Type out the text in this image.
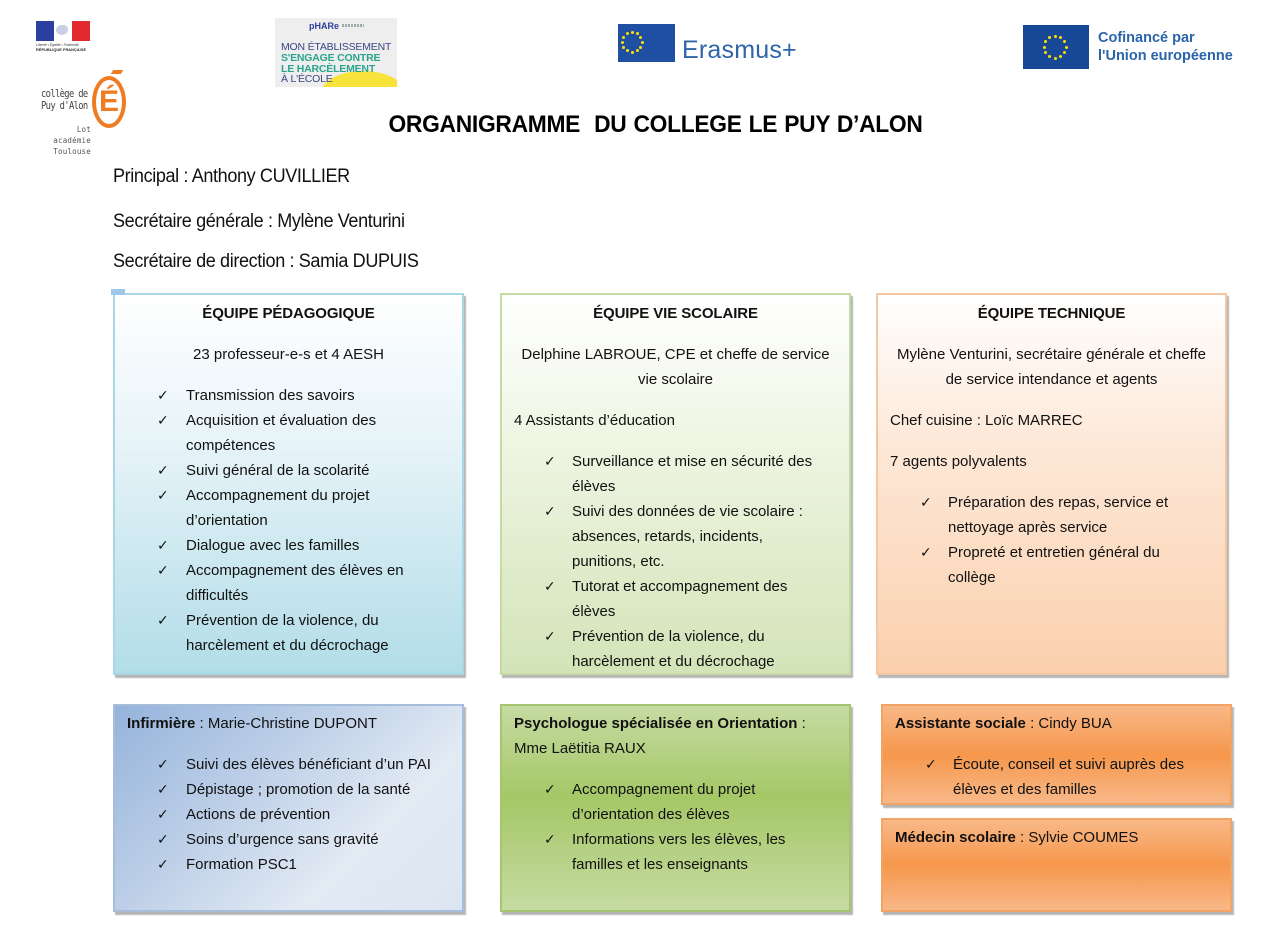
Liberté • Égalité • Fraternité
RÉPUBLIQUE FRANÇAISE
collège de
Puy d'Alon É
Lot
académie
Toulouse
pHARe
MON ÉTABLISSEMENT
S'ENGAGE CONTRE
LE HARCÈLEMENT
À L'ÉCOLE
Erasmus+	Cofinancé par
l'Union européenne
ORGANIGRAMME  DU COLLEGE LE PUY D’ALON
Principal : Anthony CUVILLIER
Secrétaire générale : Mylène Venturini
Secrétaire de direction : Samia DUPUIS
ÉQUIPE PÉDAGOGIQUE

23 professeur-e-s et 4 AESH

✓ Transmission des savoirs
✓ Acquisition et évaluation des compétences
✓ Suivi général de la scolarité
✓ Accompagnement du projet d’orientation
✓ Dialogue avec les familles
✓ Accompagnement des élèves en difficultés
✓ Prévention de la violence, du harcèlement et du décrochage
ÉQUIPE VIE SCOLAIRE

Delphine LABROUE, CPE et cheffe de service vie scolaire

4 Assistants d’éducation

✓ Surveillance et mise en sécurité des élèves
✓ Suivi des données de vie scolaire : absences, retards, incidents, punitions, etc.
✓ Tutorat et accompagnement des élèves
✓ Prévention de la violence, du harcèlement et du décrochage
ÉQUIPE TECHNIQUE

Mylène Venturini, secrétaire générale et cheffe de service intendance et agents

Chef cuisine : Loïc MARREC

7 agents polyvalents

✓ Préparation des repas, service et nettoyage après service
✓ Propreté et entretien général du collège
Infirmière : Marie-Christine DUPONT
✓ Suivi des élèves bénéficiant d’un PAI
✓ Dépistage ; promotion de la santé
✓ Actions de prévention
✓ Soins d’urgence sans gravité
✓ Formation PSC1
Psychologue spécialisée en Orientation :
Mme Laëtitia RAUX
✓ Accompagnement du projet d’orientation des élèves
✓ Informations vers les élèves, les familles et les enseignants
Assistante sociale : Cindy BUA
✓ Écoute, conseil et suivi auprès des élèves et des familles
Médecin scolaire : Sylvie COUMES
